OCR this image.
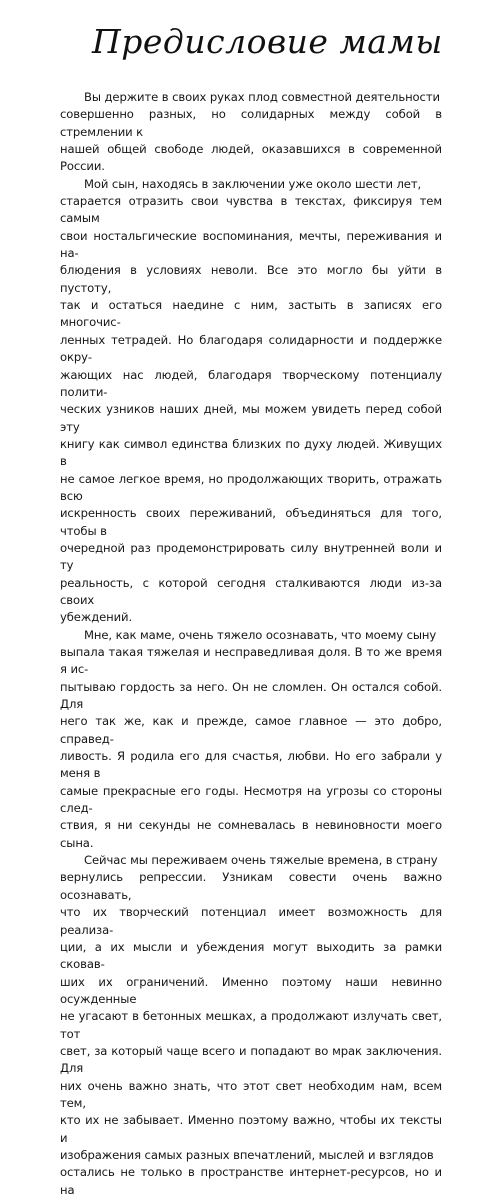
Предисловие мамы

Вы держите в своих руках плод совместной деятельности
совершенно разных, но солидарных между собой в стремлении к
нашей общей свободе людей, оказавшихся в современной России.

Мой сын, находясь в заключении уже около шести лет,
старается отразить свои чувства в текстах, фиксируя тем самым
свои ностальгические воспоминания, мечты, переживания и на-
блюдения в условиях неволи. Все это могло бы уйти в пустоту,
так и остаться наедине с ним, застыть в записях его многочис-
ленных тетрадей. Но благодаря солидарности и поддержке окру-
жающих нас людей, благодаря творческому потенциалу полити-
ческих узников наших дней, мы можем увидеть перед собой эту
книгу как символ единства близких по духу людей. Живущих в
не самое легкое время, но продолжающих творить, отражать всю
искренность своих переживаний, объединяться для того, чтобы в
очередной раз продемонстрировать силу внутренней воли и ту
реальность, с которой сегодня сталкиваются люди из-за своих
убеждений.

Мне, как маме, очень тяжело осознавать, что моему сыну
выпала такая тяжелая и несправедливая доля. В то же время я ис-
пытываю гордость за него. Он не сломлен. Он остался собой. Для
него так же, как и прежде, самое главное — это добро, справед-
ливость. Я родила его для счастья, любви. Но его забрали у меня в
самые прекрасные его годы. Несмотря на угрозы со стороны след-
ствия, я ни секунды не сомневалась в невиновности моего сына.

Сейчас мы переживаем очень тяжелые времена, в страну
вернулись репрессии. Узникам совести очень важно осознавать,
что их творческий потенциал имеет возможность для реализа-
ции, а их мысли и убеждения могут выходить за рамки сковав-
ших их ограничений. Именно поэтому наши невинно осужденные
не угасают в бетонных мешках, а продолжают излучать свет, тот
свет, за который чаще всего и попадают во мрак заключения. Для
них очень важно знать, что этот свет необходим нам, всем тем,
кто их не забывает. Именно поэтому важно, чтобы их тексты и
изображения самых разных впечатлений, мыслей и взглядов
остались не только в пространстве интернет-ресурсов, но и на
